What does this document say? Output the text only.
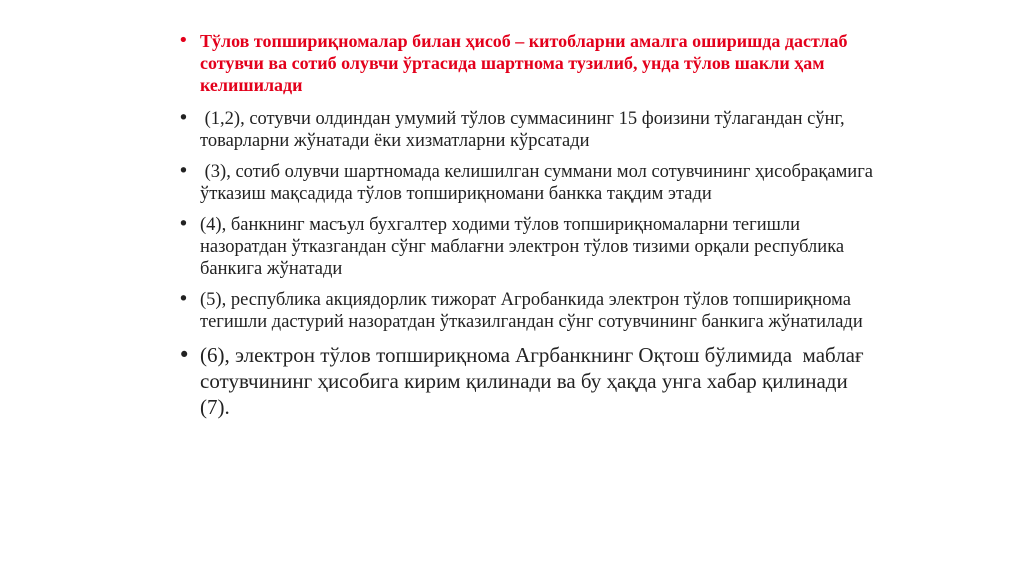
• Тўлов топшириқномалар билан ҳисоб – китобларни амалга оширишда дастлаб сотувчи ва сотиб олувчи ўртасида шартнома тузилиб, унда тўлов шакли ҳам келишилади
• (1,2), сотувчи олдиндан умумий тўлов суммасининг 15 фоизини тўлагандан сўнг, товарларни жўнатади ёки хизматларни кўрсатади
• (3), сотиб олувчи шартномада келишилган суммани мол сотувчининг ҳисобрақамига ўтказиш мақсадида тўлов топшириқномани банкка тақдим этади
• (4), банкнинг масъул бухгалтер ходими тўлов топшириқномаларни тегишли назоратдан ўтказгандан сўнг маблағни электрон тўлов тизими орқали республика банкига жўнатади
• (5), республика акциядорлик тижорат Агробанкида электрон тўлов топшириқнома тегишли дастурий назоратдан ўтказилгандан сўнг сотувчининг банкига жўнатилади
• (6), электрон тўлов топшириқнома Агрбанкнинг Оқтош бўлимида  маблағ сотувчининг ҳисобига кирим қилинади ва бу ҳақда унга хабар қилинади (7).
